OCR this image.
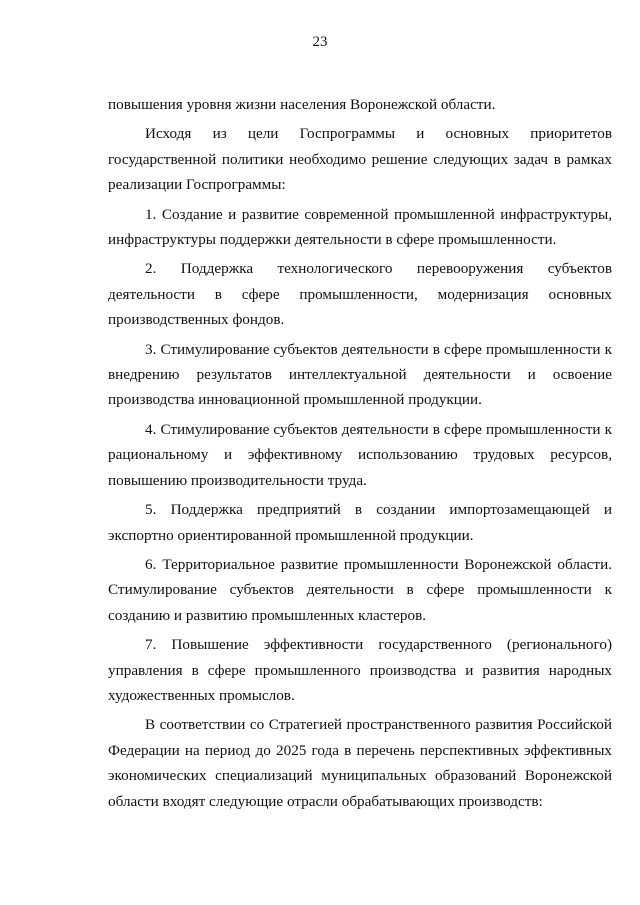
23

повышения уровня жизни населения Воронежской области.

Исходя из цели Госпрограммы и основных приоритетов государственной политики необходимо решение следующих задач в рамках реализации Госпрограммы:

1. Создание и развитие современной промышленной инфраструктуры, инфраструктуры поддержки деятельности в сфере промышленности.

2. Поддержка технологического перевооружения субъектов деятельности в сфере промышленности, модернизация основных производственных фондов.

3. Стимулирование субъектов деятельности в сфере промышленности к внедрению результатов интеллектуальной деятельности и освоение производства инновационной промышленной продукции.

4. Стимулирование субъектов деятельности в сфере промышленности к рациональному и эффективному использованию трудовых ресурсов, повышению производительности труда.

5. Поддержка предприятий в создании импортозамещающей и экспортно ориентированной промышленной продукции.

6. Территориальное развитие промышленности Воронежской области. Стимулирование субъектов деятельности в сфере промышленности к созданию и развитию промышленных кластеров.

7. Повышение эффективности государственного (регионального) управления в сфере промышленного производства и развития народных художественных промыслов.

В соответствии со Стратегией пространственного развития Российской Федерации на период до 2025 года в перечень перспективных эффективных экономических специализаций муниципальных образований Воронежской области входят следующие отрасли обрабатывающих производств:
